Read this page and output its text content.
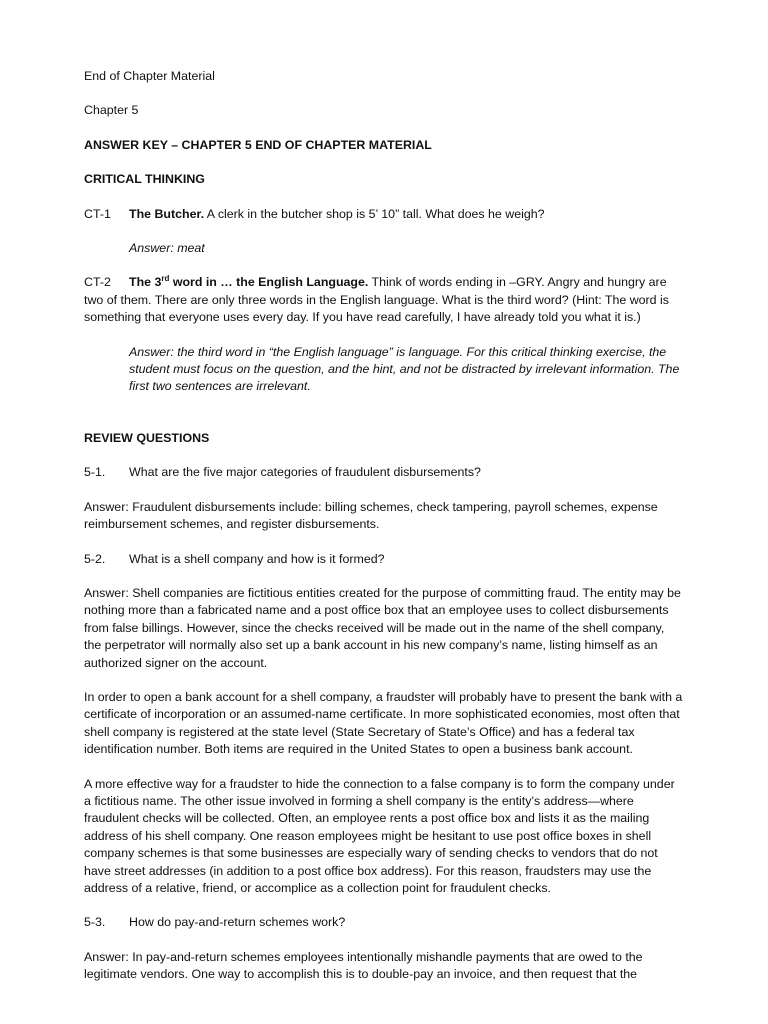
End of Chapter Material
Chapter 5
ANSWER KEY – CHAPTER 5 END OF CHAPTER MATERIAL
CRITICAL THINKING
CT-1	The Butcher. A clerk in the butcher shop is 5’ 10” tall. What does he weigh?
Answer: meat
CT-2 The 3rd word in … the English Language. Think of words ending in –GRY. Angry and hungry are two of them. There are only three words in the English language. What is the third word? (Hint: The word is something that everyone uses every day. If you have read carefully, I have already told you what it is.)
Answer: the third word in “the English language” is language. For this critical thinking exercise, the student must focus on the question, and the hint, and not be distracted by irrelevant information. The first two sentences are irrelevant.
REVIEW QUESTIONS
5-1.	What are the five major categories of fraudulent disbursements?
Answer: Fraudulent disbursements include: billing schemes, check tampering, payroll schemes, expense reimbursement schemes, and register disbursements.
5-2.	What is a shell company and how is it formed?
Answer: Shell companies are fictitious entities created for the purpose of committing fraud. The entity may be nothing more than a fabricated name and a post office box that an employee uses to collect disbursements from false billings. However, since the checks received will be made out in the name of the shell company, the perpetrator will normally also set up a bank account in his new company’s name, listing himself as an authorized signer on the account.
In order to open a bank account for a shell company, a fraudster will probably have to present the bank with a certificate of incorporation or an assumed-name certificate. In more sophisticated economies, most often that shell company is registered at the state level (State Secretary of State’s Office) and has a federal tax identification number. Both items are required in the United States to open a business bank account.
A more effective way for a fraudster to hide the connection to a false company is to form the company under a fictitious name. The other issue involved in forming a shell company is the entity’s address—where fraudulent checks will be collected. Often, an employee rents a post office box and lists it as the mailing address of his shell company. One reason employees might be hesitant to use post office boxes in shell company schemes is that some businesses are especially wary of sending checks to vendors that do not have street addresses (in addition to a post office box address). For this reason, fraudsters may use the address of a relative, friend, or accomplice as a collection point for fraudulent checks.
5-3.	How do pay-and-return schemes work?
Answer: In pay-and-return schemes employees intentionally mishandle payments that are owed to the legitimate vendors. One way to accomplish this is to double-pay an invoice, and then request that the
